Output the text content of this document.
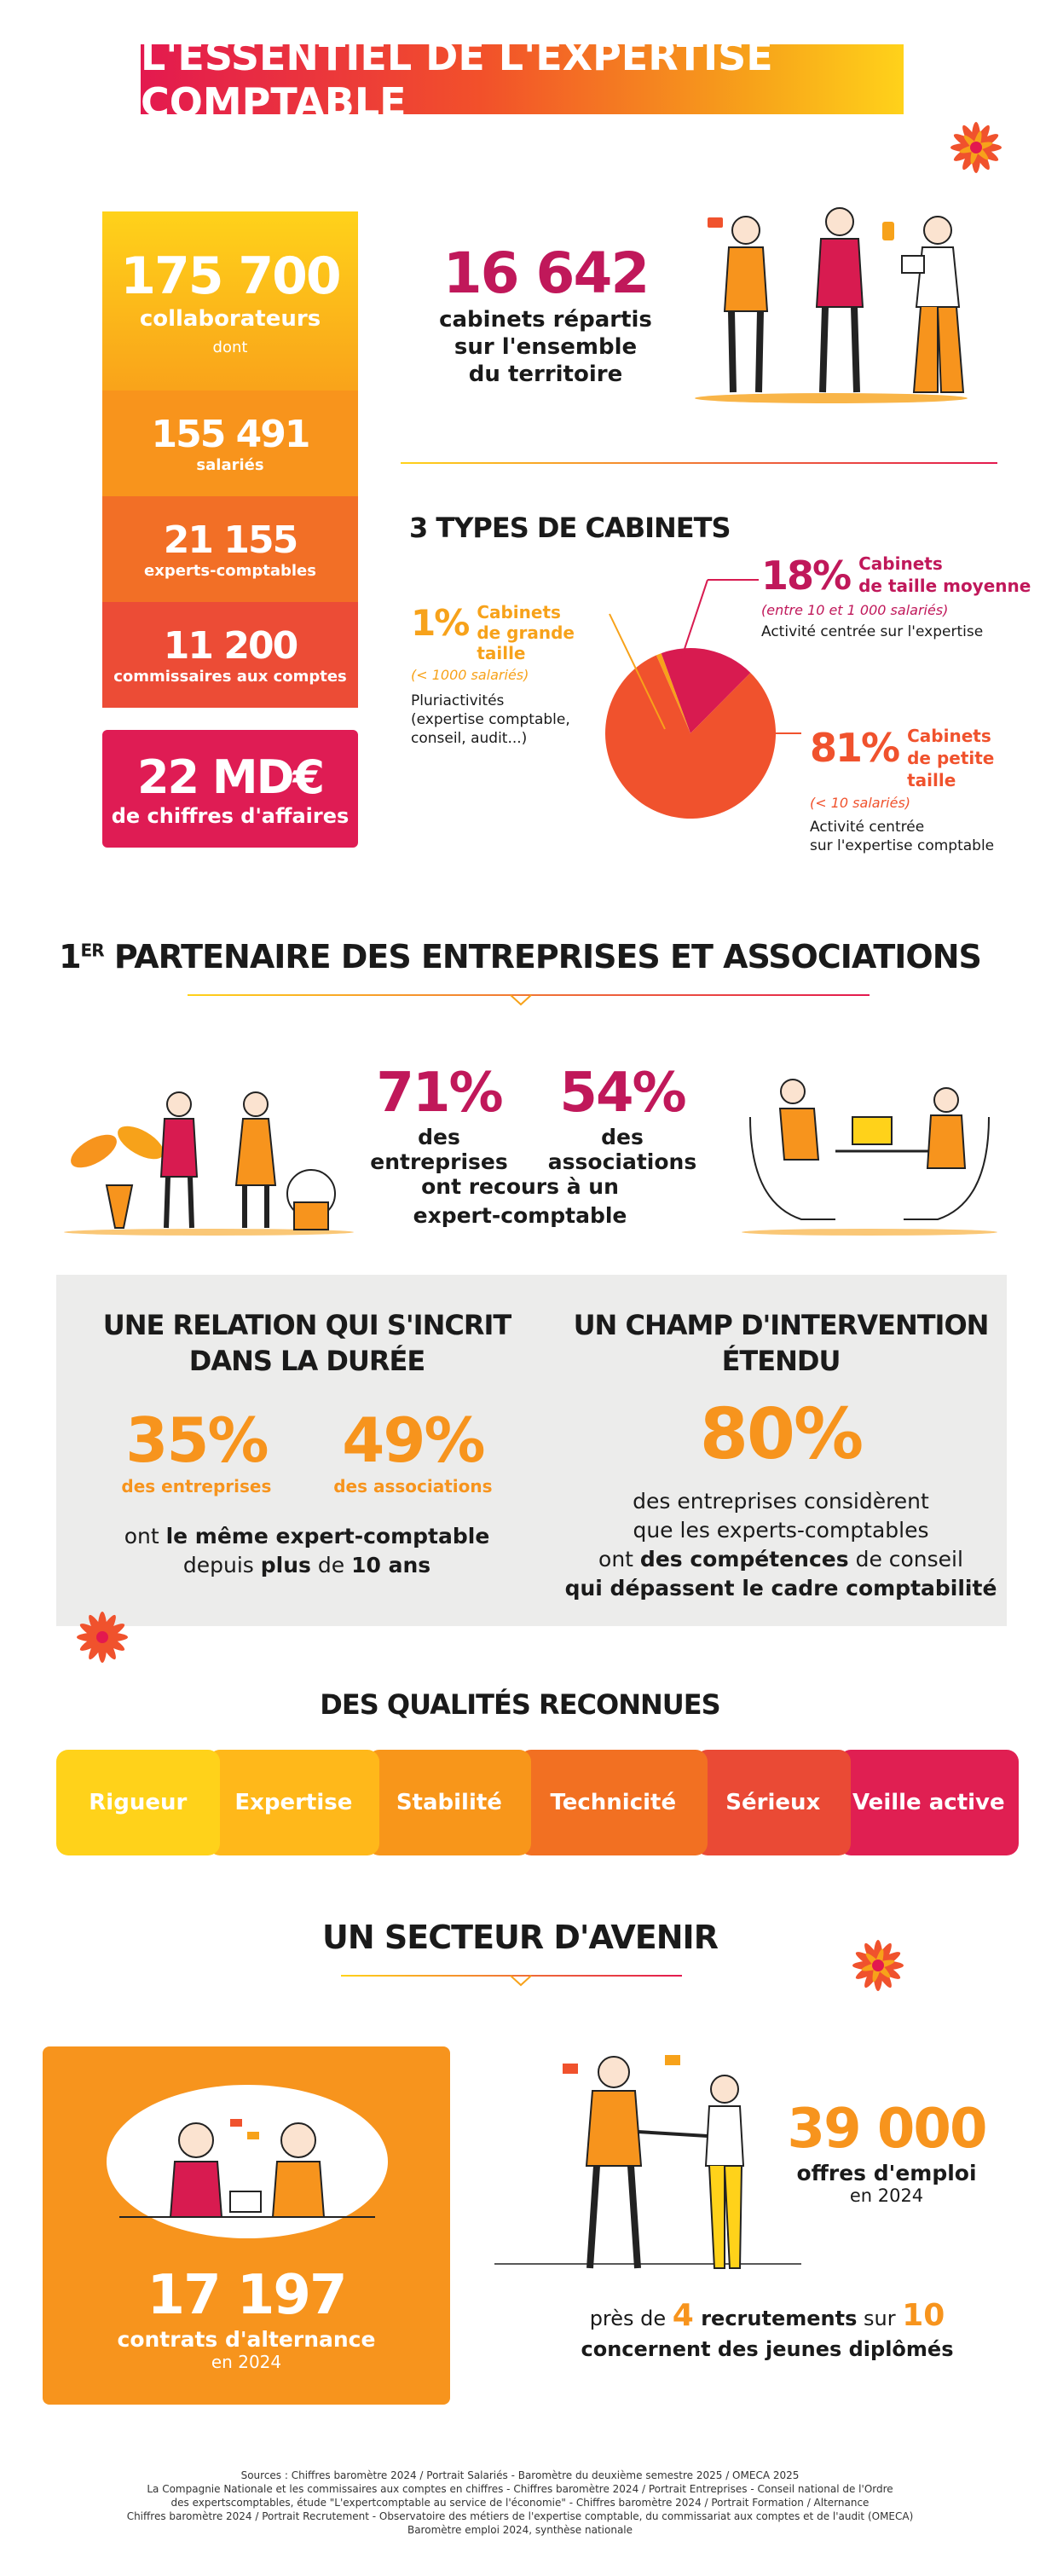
L'ESSENTIEL DE L'EXPERTISE COMPTABLE
175 700
collaborateurs
dont
155 491
salariés
21 155
experts-comptables
11 200
commissaires aux comptes
22 MD€
de chiffres d'affaires
16 642
cabinets répartis
sur l'ensemble
du territoire
3 TYPES DE CABINETS
1% Cabinets
de grande taille
(< 1000 salariés)
Pluriactivités
(expertise comptable,
conseil, audit...)
18% Cabinets
de taille moyenne
(entre 10 et 1 000 salariés)
Activité centrée sur l'expertise
81% Cabinets
de petite taille
(< 10 salariés)
Activité centrée
sur l'expertise comptable
1ER PARTENAIRE DES ENTREPRISES ET ASSOCIATIONS
71%
des entreprises
54%
des associations
ont recours à un
expert-comptable
UNE RELATION QUI S'INCRIT
DANS LA DURÉE
35%
des entreprises
49%
des associations
ont le même expert-comptable
depuis plus de 10 ans
UN CHAMP D'INTERVENTION
ÉTENDU
80%
des entreprises considèrent
que les experts-comptables
ont des compétences de conseil
qui dépassent le cadre comptabilité
DES QUALITÉS RECONNUES
Rigueur	Expertise	Stabilité	Technicité	Sérieux	Veille active
UN SECTEUR D'AVENIR
17 197
contrats d'alternance
en 2024
39 000
offres d'emploi
en 2024
près de 4 recrutements sur 10
concernent des jeunes diplômés
Sources : Chiffres baromètre 2024 / Portrait Salariés - Baromètre du deuxième semestre 2025 / OMECA 2025
La Compagnie Nationale et les commissaires aux comptes en chiffres - Chiffres baromètre 2024 / Portrait Entreprises - Conseil national de l'Ordre
des expertscomptables, étude "L'expertcomptable au service de l'économie" - Chiffres baromètre 2024 / Portrait Formation / Alternance
Chiffres baromètre 2024 / Portrait Recrutement - Observatoire des métiers de l'expertise comptable, du commissariat aux comptes et de l'audit (OMECA)
Baromètre emploi 2024, synthèse nationale
